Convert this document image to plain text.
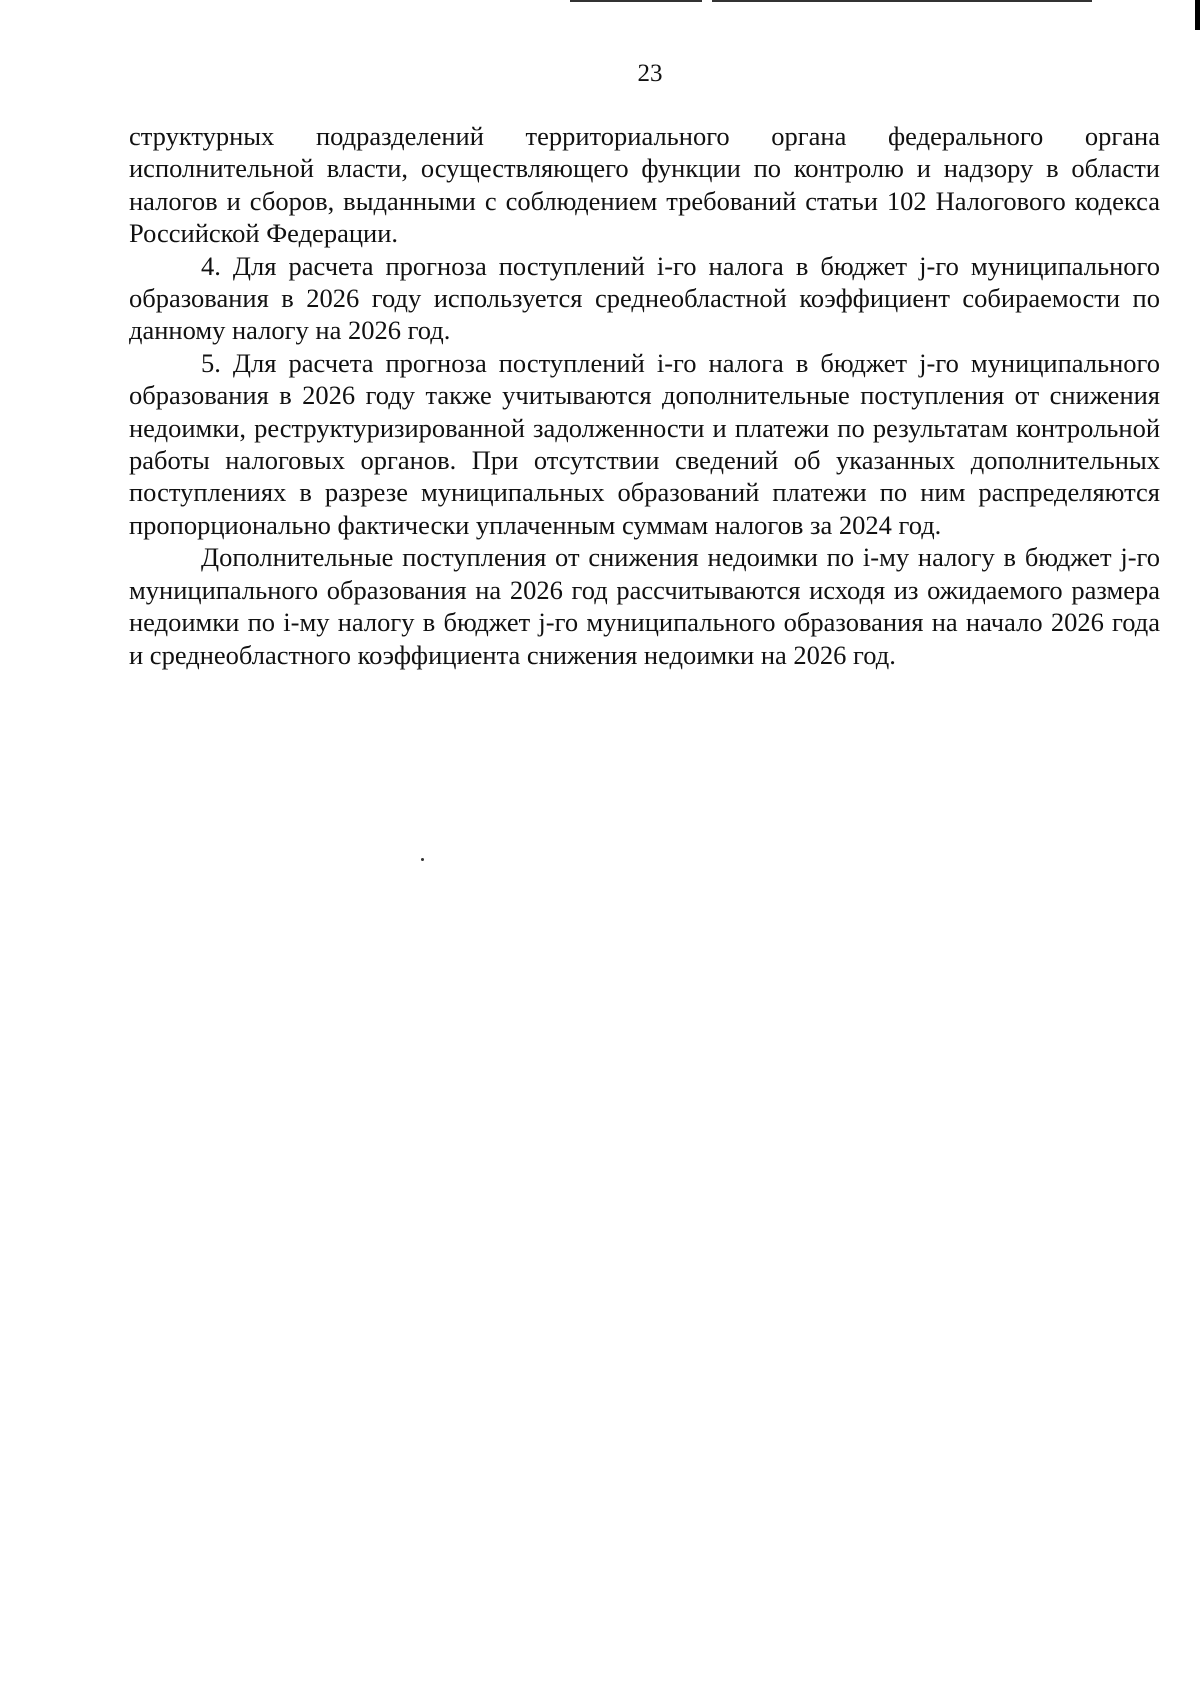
23

структурных подразделений территориального органа федерального органа исполнительной власти, осуществляющего функции по контролю и надзору в области налогов и сборов, выданными с соблюдением требований статьи 102 Налогового кодекса Российской Федерации.

4. Для расчета прогноза поступлений i-го налога в бюджет j-го муниципального образования в 2026 году используется среднеобластной коэффициент собираемости по данному налогу на 2026 год.

5. Для расчета прогноза поступлений i-го налога в бюджет j-го муниципального образования в 2026 году также учитываются дополнительные поступления от снижения недоимки, реструктуризированной задолженности и платежи по результатам контрольной работы налоговых органов. При отсутствии сведений об указанных дополнительных поступлениях в разрезе муниципальных образований платежи по ним распределяются пропорционально фактически уплаченным суммам налогов за 2024 год.

Дополнительные поступления от снижения недоимки по i-му налогу в бюджет j-го муниципального образования на 2026 год рассчитываются исходя из ожидаемого размера недоимки по i-му налогу в бюджет j-го муниципального образования на начало 2026 года и среднеобластного коэффициента снижения недоимки на 2026 год.
